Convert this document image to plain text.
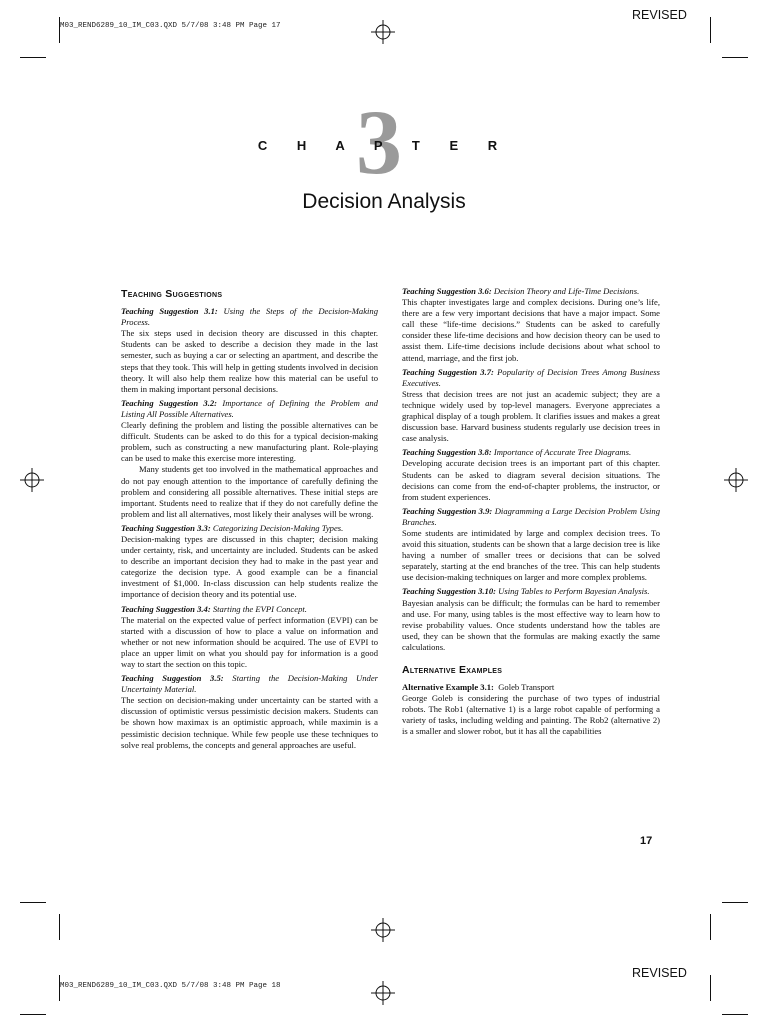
M03_REND6289_10_IM_C03.QXD 5/7/08 3:48 PM Page 17
REVISED
3
C H A P T E R
Decision Analysis
Teaching Suggestions
Teaching Suggestion 3.1: Using the Steps of the Decision-Making Process.

The six steps used in decision theory are discussed in this chapter. Students can be asked to describe a decision they made in the last semester, such as buying a car or selecting an apartment, and describe the steps that they took. This will help in getting students involved in decision theory. It will also help them realize how this material can be useful to them in making important personal decisions.

Teaching Suggestion 3.2: Importance of Defining the Problem and Listing All Possible Alternatives.

Clearly defining the problem and listing the possible alternatives can be difficult. Students can be asked to do this for a typical decision-making problem, such as constructing a new manufacturing plant. Role-playing can be used to make this exercise more interesting.

Many students get too involved in the mathematical approaches and do not pay enough attention to the importance of carefully defining the problem and considering all possible alternatives. These initial steps are important. Students need to realize that if they do not carefully define the problem and list all alternatives, most likely their analyses will be wrong.

Teaching Suggestion 3.3: Categorizing Decision-Making Types.

Decision-making types are discussed in this chapter; decision making under certainty, risk, and uncertainty are included. Students can be asked to describe an important decision they had to make in the past year and categorize the decision type. A good example can be a financial investment of $1,000. In-class discussion can help students realize the importance of decision theory and its potential use.

Teaching Suggestion 3.4: Starting the EVPI Concept.

The material on the expected value of perfect information (EVPI) can be started with a discussion of how to place a value on information and whether or not new information should be acquired. The use of EVPI to place an upper limit on what you should pay for information is a good way to start the section on this topic.

Teaching Suggestion 3.5: Starting the Decision-Making Under Uncertainty Material.

The section on decision-making under uncertainty can be started with a discussion of optimistic versus pessimistic decision makers. Students can be shown how maximax is an optimistic approach, while maximin is a pessimistic decision technique. While few people use these techniques to solve real problems, the concepts and general approaches are useful.

Teaching Suggestion 3.6: Decision Theory and Life-Time Decisions.

This chapter investigates large and complex decisions. During one’s life, there are a few very important decisions that have a major impact. Some call these “life-time decisions.” Students can be asked to carefully consider these life-time decisions and how decision theory can be used to assist them. Life-time decisions include decisions about what school to attend, marriage, and the first job.

Teaching Suggestion 3.7: Popularity of Decision Trees Among Business Executives.

Stress that decision trees are not just an academic subject; they are a technique widely used by top-level managers. Everyone appreciates a graphical display of a tough problem. It clarifies issues and makes a great discussion base. Harvard business students regularly use decision trees in case analysis.

Teaching Suggestion 3.8: Importance of Accurate Tree Diagrams.

Developing accurate decision trees is an important part of this chapter. Students can be asked to diagram several decision situations. The decisions can come from the end-of-chapter problems, the instructor, or from student experiences.

Teaching Suggestion 3.9: Diagramming a Large Decision Problem Using Branches.

Some students are intimidated by large and complex decision trees. To avoid this situation, students can be shown that a large decision tree is like having a number of smaller trees or decisions that can be solved separately, starting at the end branches of the tree. This can help students use decision-making techniques on larger and more complex problems.

Teaching Suggestion 3.10: Using Tables to Perform Bayesian Analysis.

Bayesian analysis can be difficult; the formulas can be hard to remember and use. For many, using tables is the most effective way to learn how to revise probability values. Once students understand how the tables are used, they can be shown that the formulas are making exactly the same calculations.

Alternative Examples
Alternative Example 3.1: Goleb Transport

George Goleb is considering the purchase of two types of industrial robots. The Rob1 (alternative 1) is a large robot capable of performing a variety of tasks, including welding and painting. The Rob2 (alternative 2) is a smaller and slower robot, but it has all the capabilities

17
REVISED
M03_REND6289_10_IM_C03.QXD 5/7/08 3:48 PM Page 18
